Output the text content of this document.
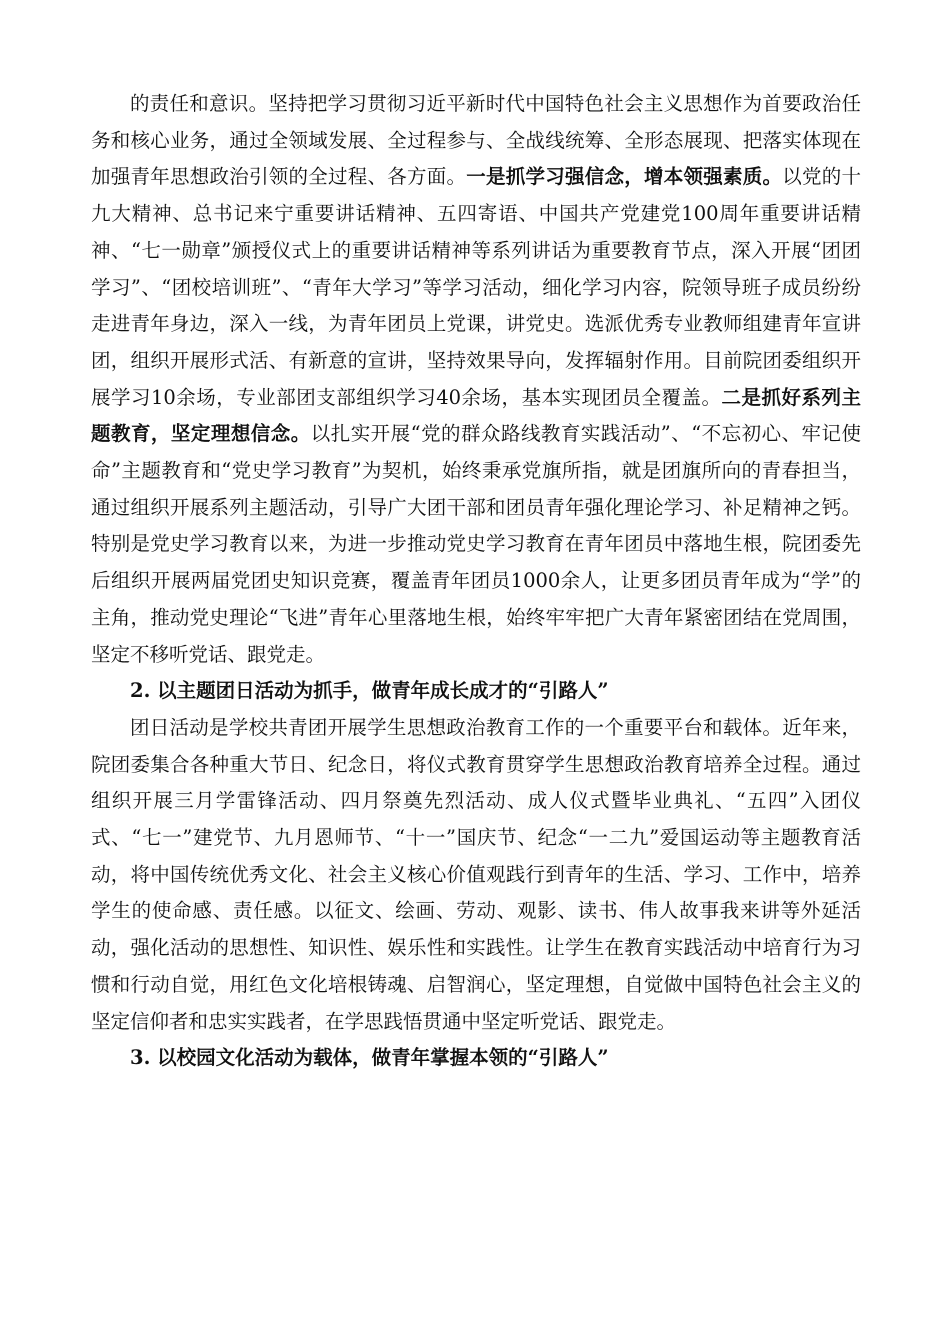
的责任和意识。坚持把学习贯彻习近平新时代中国特色社会主义思想作为首要政治任务和核心业务，通过全领域发展、全过程参与、全战线统筹、全形态展现、把落实体现在加强青年思想政治引领的全过程、各方面。一是抓学习强信念，增本领强素质。以党的十九大精神、总书记来宁重要讲话精神、五四寄语、中国共产党建党100周年重要讲话精神、“七一勋章”颁授仪式上的重要讲话精神等系列讲话为重要教育节点，深入开展“团团学习”、“团校培训班”、“青年大学习”等学习活动，细化学习内容，院领导班子成员纷纷走进青年身边，深入一线，为青年团员上党课，讲党史。选派优秀专业教师组建青年宣讲团，组织开展形式活、有新意的宣讲，坚持效果导向，发挥辐射作用。目前院团委组织开展学习10余场，专业部团支部组织学习40余场，基本实现团员全覆盖。二是抓好系列主题教育，坚定理想信念。以扎实开展“党的群众路线教育实践活动”、“不忘初心、牢记使命”主题教育和“党史学习教育”为契机，始终秉承党旗所指，就是团旗所向的青春担当，通过组织开展系列主题活动，引导广大团干部和团员青年强化理论学习、补足精神之钙。特别是党史学习教育以来，为进一步推动党史学习教育在青年团员中落地生根，院团委先后组织开展两届党团史知识竞赛，覆盖青年团员1000余人，让更多团员青年成为“学”的主角，推动党史理论“飞进”青年心里落地生根，始终牢牢把广大青年紧密团结在党周围，坚定不移听党话、跟党走。

2. 以主题团日活动为抓手，做青年成长成才的“引路人”

团日活动是学校共青团开展学生思想政治教育工作的一个重要平台和载体。近年来，院团委集合各种重大节日、纪念日，将仪式教育贯穿学生思想政治教育培养全过程。通过组织开展三月学雷锋活动、四月祭奠先烈活动、成人仪式暨毕业典礼、“五四”入团仪式、“七一”建党节、九月恩师节、“十一”国庆节、纪念“一二九”爱国运动等主题教育活动，将中国传统优秀文化、社会主义核心价值观践行到青年的生活、学习、工作中，培养学生的使命感、责任感。以征文、绘画、劳动、观影、读书、伟人故事我来讲等外延活动，强化活动的思想性、知识性、娱乐性和实践性。让学生在教育实践活动中培育行为习惯和行动自觉，用红色文化培根铸魂、启智润心，坚定理想，自觉做中国特色社会主义的坚定信仰者和忠实实践者，在学思践悟贯通中坚定听党话、跟党走。

3. 以校园文化活动为载体，做青年掌握本领的“引路人”
